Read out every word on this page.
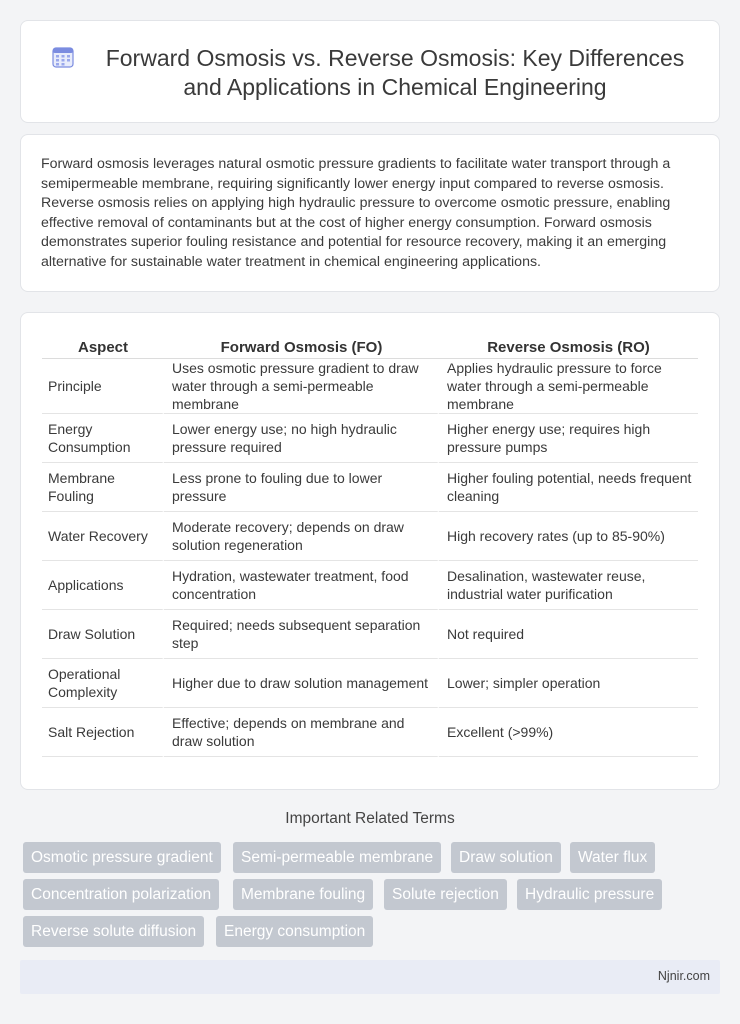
Forward Osmosis vs. Reverse Osmosis: Key Differences and Applications in Chemical Engineering

Forward osmosis leverages natural osmotic pressure gradients to facilitate water transport through a semipermeable membrane, requiring significantly lower energy input compared to reverse osmosis. Reverse osmosis relies on applying high hydraulic pressure to overcome osmotic pressure, enabling effective removal of contaminants but at the cost of higher energy consumption. Forward osmosis demonstrates superior fouling resistance and potential for resource recovery, making it an emerging alternative for sustainable water treatment in chemical engineering applications.

Aspect	Forward Osmosis (FO)	Reverse Osmosis (RO)
Principle	Uses osmotic pressure gradient to draw water through a semi-permeable membrane	Applies hydraulic pressure to force water through a semi-permeable membrane
Energy Consumption	Lower energy use; no high hydraulic pressure required	Higher energy use; requires high pressure pumps
Membrane Fouling	Less prone to fouling due to lower pressure	Higher fouling potential, needs frequent cleaning
Water Recovery	Moderate recovery; depends on draw solution regeneration	High recovery rates (up to 85-90%)
Applications	Hydration, wastewater treatment, food concentration	Desalination, wastewater reuse, industrial water purification
Draw Solution	Required; needs subsequent separation step	Not required
Operational Complexity	Higher due to draw solution management	Lower; simpler operation
Salt Rejection	Effective; depends on membrane and draw solution	Excellent (>99%)
Important Related Terms
Osmotic pressure gradient	Semi-permeable membrane	Draw solution	Water flux
Concentration polarization	Membrane fouling	Solute rejection	Hydraulic pressure
Reverse solute diffusion	Energy consumption
Njnir.com
